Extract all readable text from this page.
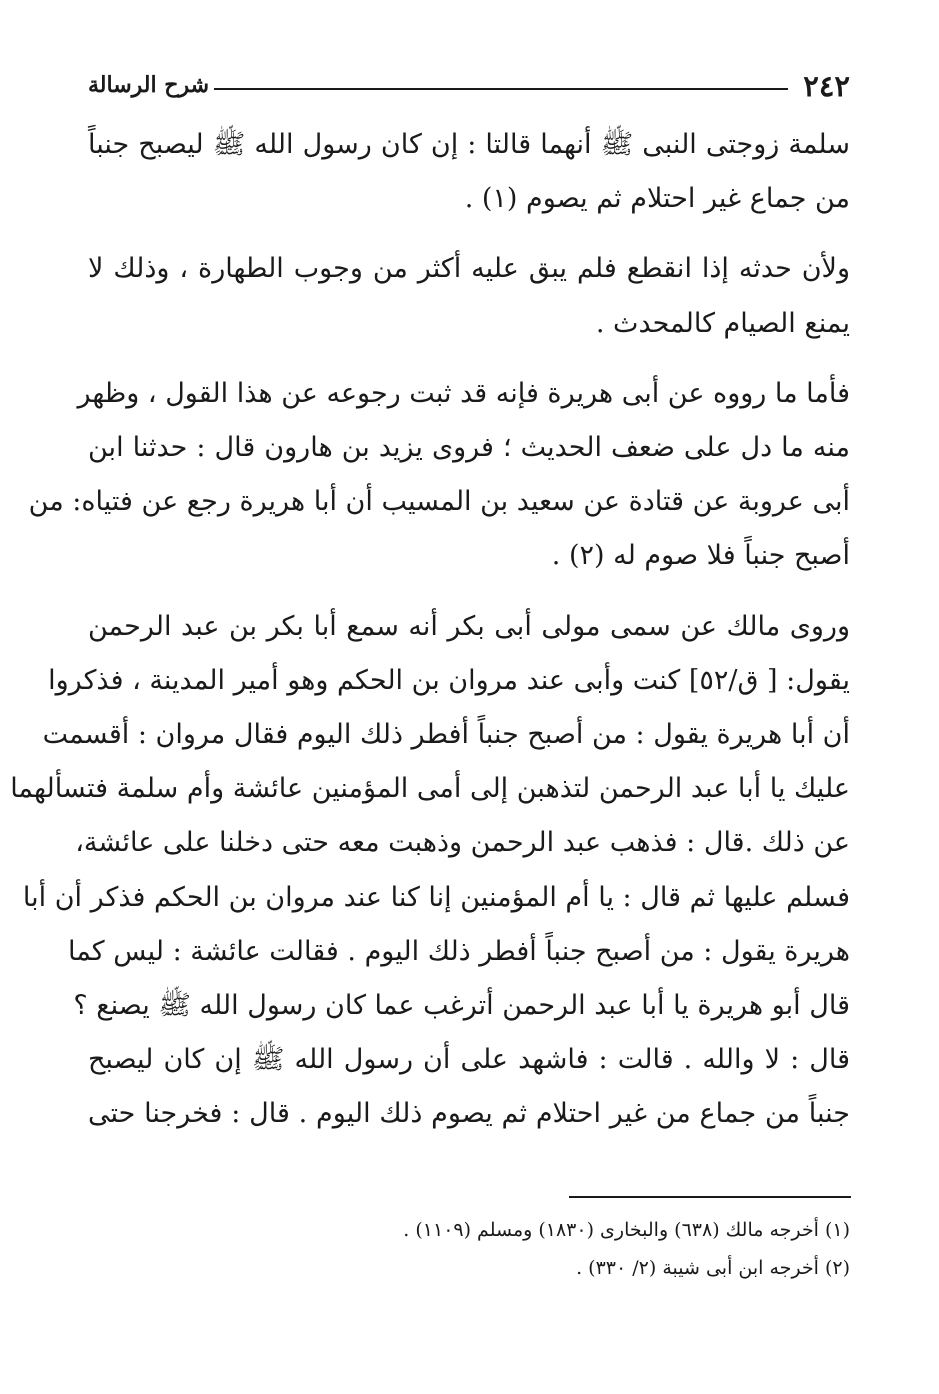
٢٤٢
شرح الرسالة

سلمة زوجتى النبى ﷺ أنهما قالتا : إن كان رسول الله ﷺ ليصبح جنباً
من جماع غير احتلام ثم يصوم (١) .

ولأن حدثه إذا انقطع فلم يبق عليه أكثر من وجوب الطهارة ، وذلك لا
يمنع الصيام كالمحدث .

فأما ما رووه عن أبى هريرة فإنه قد ثبت رجوعه عن هذا القول ، وظهر
منه ما دل على ضعف الحديث ؛ فروى يزيد بن هارون قال : حدثنا ابن
أبى عروبة عن قتادة عن سعيد بن المسيب أن أبا هريرة رجع عن فتياه: من
أصبح جنباً فلا صوم له (٢) .

وروى مالك عن سمى مولى أبى بكر أنه سمع أبا بكر بن عبد الرحمن
يقول: [ ق/٥٢] كنت وأبى عند مروان بن الحكم وهو أمير المدينة ، فذكروا
أن أبا هريرة يقول : من أصبح جنباً أفطر ذلك اليوم فقال مروان : أقسمت
عليك يا أبا عبد الرحمن لتذهبن إلى أمى المؤمنين عائشة وأم سلمة فتسألهما
عن ذلك .قال : فذهب عبد الرحمن وذهبت معه حتى دخلنا على عائشة،
فسلم عليها ثم قال : يا أم المؤمنين إنا كنا عند مروان بن الحكم فذكر أن أبا
هريرة يقول : من أصبح جنباً أفطر ذلك اليوم . فقالت عائشة : ليس كما
قال أبو هريرة يا أبا عبد الرحمن أترغب عما كان رسول الله ﷺ يصنع ؟
قال : لا والله . قالت : فاشهد على أن رسول الله ﷺ إن كان ليصبح
جنباً من جماع من غير احتلام ثم يصوم ذلك اليوم . قال : فخرجنا حتى

(١) أخرجه مالك (٦٣٨) والبخارى (١٨٣٠) ومسلم (١١٠٩) .
(٢) أخرجه ابن أبى شيبة (٢/ ٣٣٠) .
